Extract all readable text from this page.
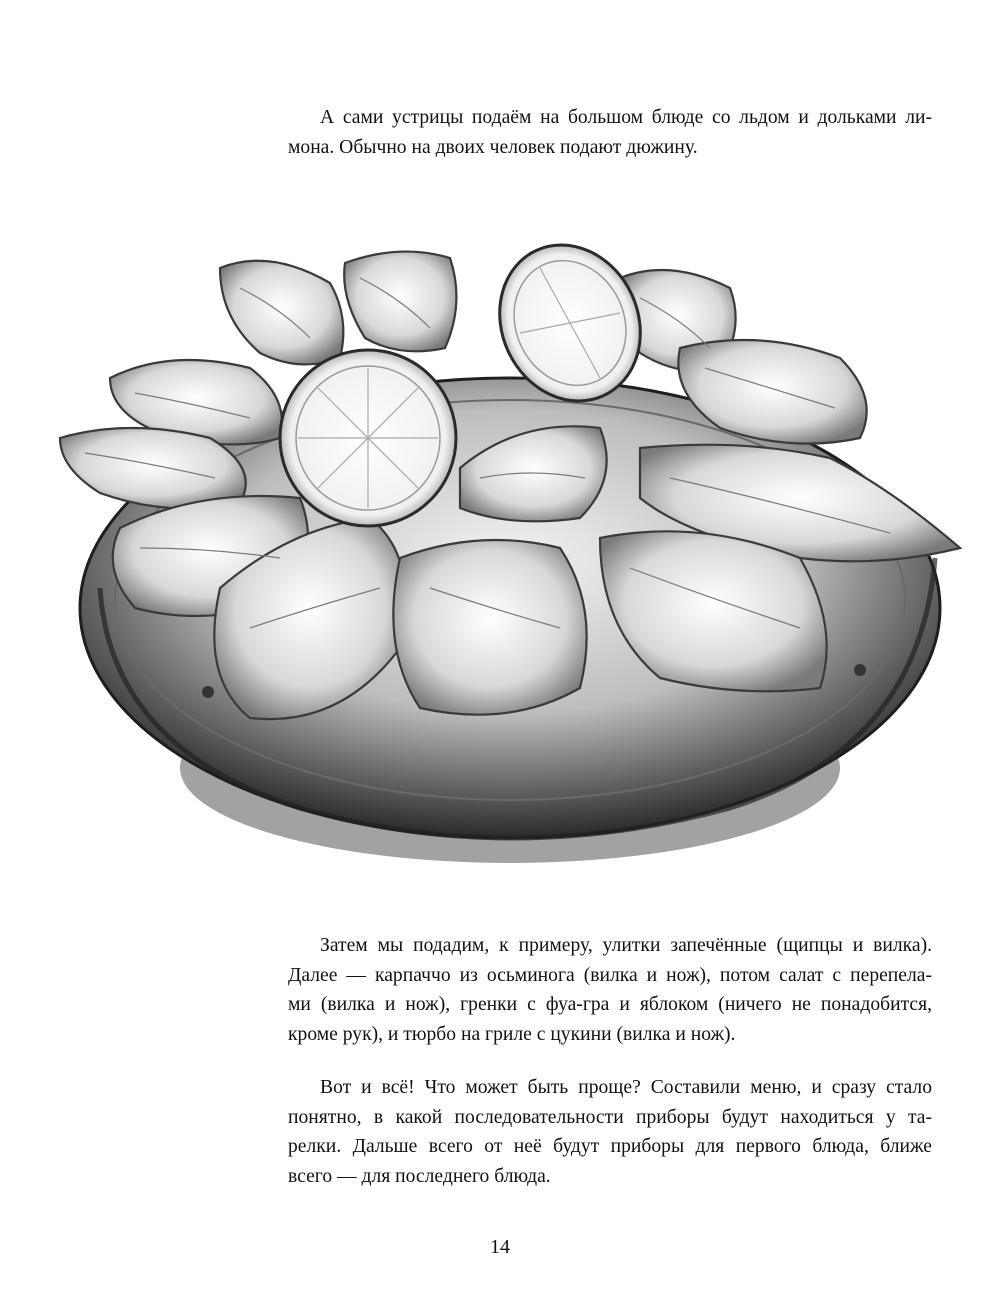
А сами устрицы подаём на большом блюде со льдом и дольками ли-
мона. Обычно на двоих человек подают дюжину.

Затем мы подадим, к примеру, улитки запечённые (щипцы и вилка).
Далее — карпаччо из осьминога (вилка и нож), потом салат с перепела-
ми (вилка и нож), гренки с фуа-гра и яблоком (ничего не понадобится,
кроме рук), и тюрбо на гриле с цукини (вилка и нож).

Вот и всё! Что может быть проще? Составили меню, и сразу стало
понятно, в какой последовательности приборы будут находиться у та-
релки. Дальше всего от неё будут приборы для первого блюда, ближе
всего — для последнего блюда.

14
